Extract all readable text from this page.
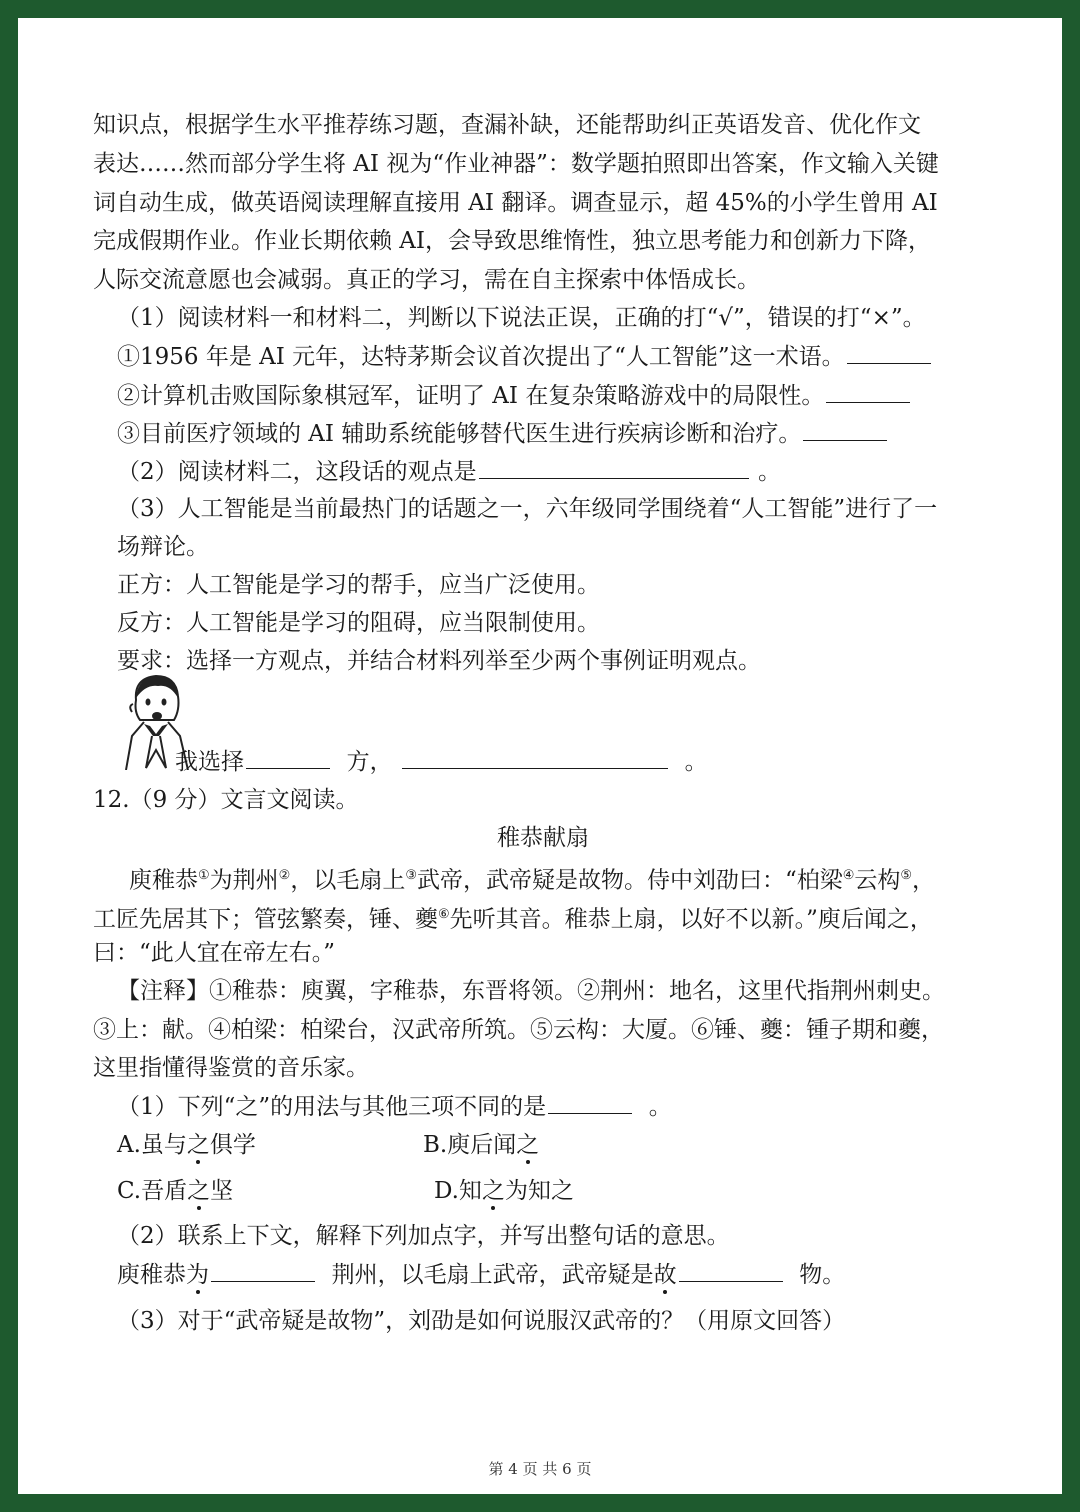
知识点，根据学生水平推荐练习题，查漏补缺，还能帮助纠正英语发音、优化作文
表达……然而部分学生将 AI 视为“作业神器”：数学题拍照即出答案，作文输入关键
词自动生成，做英语阅读理解直接用 AI 翻译。调查显示，超 45%的小学生曾用 AI
完成假期作业。作业长期依赖 AI，会导致思维惰性，独立思考能力和创新力下降，
人际交流意愿也会减弱。真正的学习，需在自主探索中体悟成长。
（1）阅读材料一和材料二，判断以下说法正误，正确的打“√”，错误的打“×”。
①1956 年是 AI 元年，达特茅斯会议首次提出了“人工智能”这一术语。
②计算机击败国际象棋冠军，证明了 AI 在复杂策略游戏中的局限性。
③目前医疗领域的 AI 辅助系统能够替代医生进行疾病诊断和治疗。
（2）阅读材料二，这段话的观点是	。
（3）人工智能是当前最热门的话题之一，六年级同学围绕着“人工智能”进行了一
场辩论。
正方：人工智能是学习的帮手，应当广泛使用。
反方：人工智能是学习的阻碍，应当限制使用。
要求：选择一方观点，并结合材料列举至少两个事例证明观点。
我选择	方，	。
12.（9 分）文言文阅读。
稚恭献扇
庾稚恭①为荆州②，以毛扇上③武帝，武帝疑是故物。侍中刘劭曰：“柏梁④云构⑤，
工匠先居其下；管弦繁奏，锤、夔⑥先听其音。稚恭上扇，以好不以新。”庾后闻之，
曰：“此人宜在帝左右。”
【注释】①稚恭：庾翼，字稚恭，东晋将领。②荆州：地名，这里代指荆州刺史。
③上：献。④柏梁：柏梁台，汉武帝所筑。⑤云构：大厦。⑥锤、夔：锺子期和夔，
这里指懂得鉴赏的音乐家。
（1）下列“之”的用法与其他三项不同的是	。
A.虽与之俱学	B.庾后闻之
C.吾盾之坚	D.知之为知之
（2）联系上下文，解释下列加点字，并写出整句话的意思。
庾稚恭为	荆州，以毛扇上武帝，武帝疑是故	物。
（3）对于“武帝疑是故物”，刘劭是如何说服汉武帝的？（用原文回答）
第 4 页 共 6 页
